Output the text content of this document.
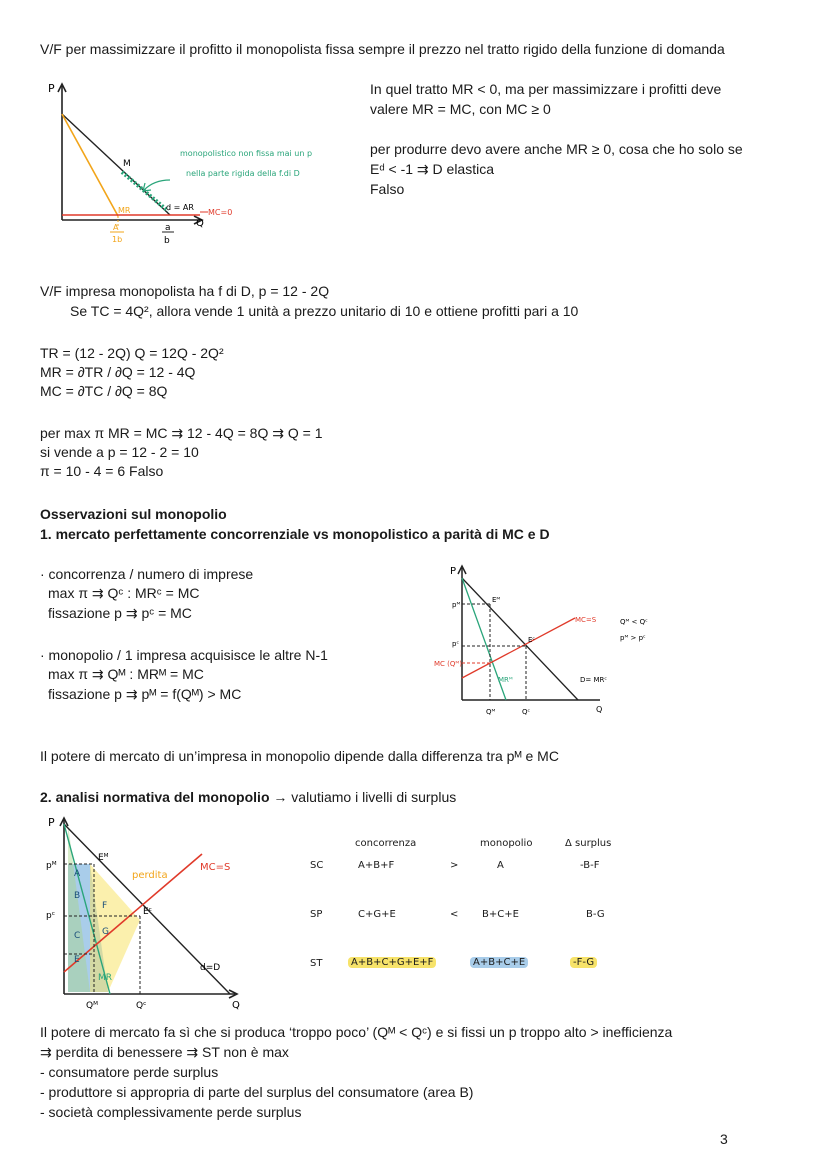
V/F per massimizzare il profitto il monopolista fissa sempre il prezzo nel tratto rigido della funzione di domanda
P
Q
M
MR	d = AR
MC=0
A
1b
a
b
monopolistico non fissa mai un p
nella parte rigida della f.di D
In quel tratto MR < 0, ma per massimizzare i profitti deve
valere MR = MC, con MC ≥ 0
per produrre devo avere anche MR ≥ 0, cosa che ho solo se
Eᵈ < -1 ⇉ D elastica
Falso
V/F impresa monopolista ha f di D, p = 12 - 2Q
Se TC = 4Q², allora vende 1 unità a prezzo unitario di 10 e ottiene profitti pari a 10
TR = (12 - 2Q) Q = 12Q - 2Q²
MR = ∂TR / ∂Q = 12 - 4Q
MC = ∂TC / ∂Q = 8Q
per max π MR = MC ⇉ 12 - 4Q = 8Q ⇉ Q = 1
si vende a p = 12 - 2 = 10
π = 10 - 4 = 6 Falso
Osservazioni sul monopolio
1. mercato perfettamente concorrenziale vs monopolistico a parità di MC e D
· concorrenza / numero di imprese
max π ⇉ Qᶜ : MRᶜ = MC
fissazione p ⇉ pᶜ = MC
· monopolio / 1 impresa acquisisce le altre N-1
max π ⇉ Qᴹ : MRᴹ = MC
fissazione p ⇉ pᴹ = f(Qᴹ) > MC
P
Q
pᴹ
pᶜ
MC (Qᴹ)
Eᴹ
Eᶜ
MC=S
MRᴹ	D= MRᶜ
Qᴹ	Qᶜ
Qᴹ < Qᶜ
pᴹ > pᶜ
Il potere di mercato di un’impresa in monopolio dipende dalla differenza tra pᴹ e MC
2. analisi normativa del monopolio → valutiamo i livelli di surplus
P
Q
pᴹ
pᶜ
Eᴹ
Eᶜ
perdita
MC=S
d=D
MR
Qᴹ	Qᶜ
A
B
C
E
F
G
concorrenza	monopolio	Δ surplus
SC	A+B+F	>	A	-B-F
SP	C+G+E	< B+C+E	B-G
ST	A+B+C+G+E+F	A+B+C+E	-F-G
Il potere di mercato fa sì che si produca ‘troppo poco’ (Qᴹ < Qᶜ) e si fissi un p troppo alto > inefficienza
⇉ perdita di benessere ⇉ ST non è max
- consumatore perde surplus
- produttore si appropria di parte del surplus del consumatore (area B)
- società complessivamente perde surplus
3
